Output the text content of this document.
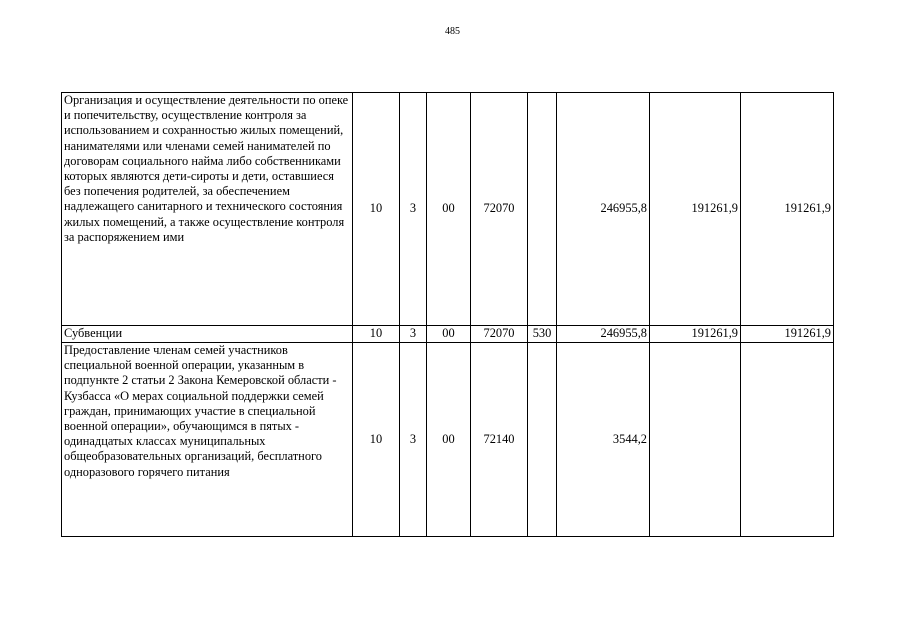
485
Организация и осуществление деятельности по опеке и попечительству, осуществление контроля за использованием и сохранностью жилых помещений, нанимателями или членами семей нанимателей по договорам социального найма либо собственниками которых являются дети-сироты и дети, оставшиеся без попечения родителей, за обеспечением надлежащего санитарного и технического состояния жилых помещений, а также осуществление контроля за распоряжением ими	10	3	00	72070		246955,8	191261,9	191261,9
Субвенции	10	3	00	72070	530	246955,8	191261,9	191261,9
Предоставление членам семей участников специальной военной операции, указанным в подпункте 2 статьи 2 Закона Кемеровской области - Кузбасса «О мерах социальной поддержки семей граждан, принимающих участие в специальной военной операции», обучающимся в пятых - одинадцатых классах муниципальных общеобразовательных организаций, бесплатного одноразового горячего питания	10	3	00	72140		3544,2		
